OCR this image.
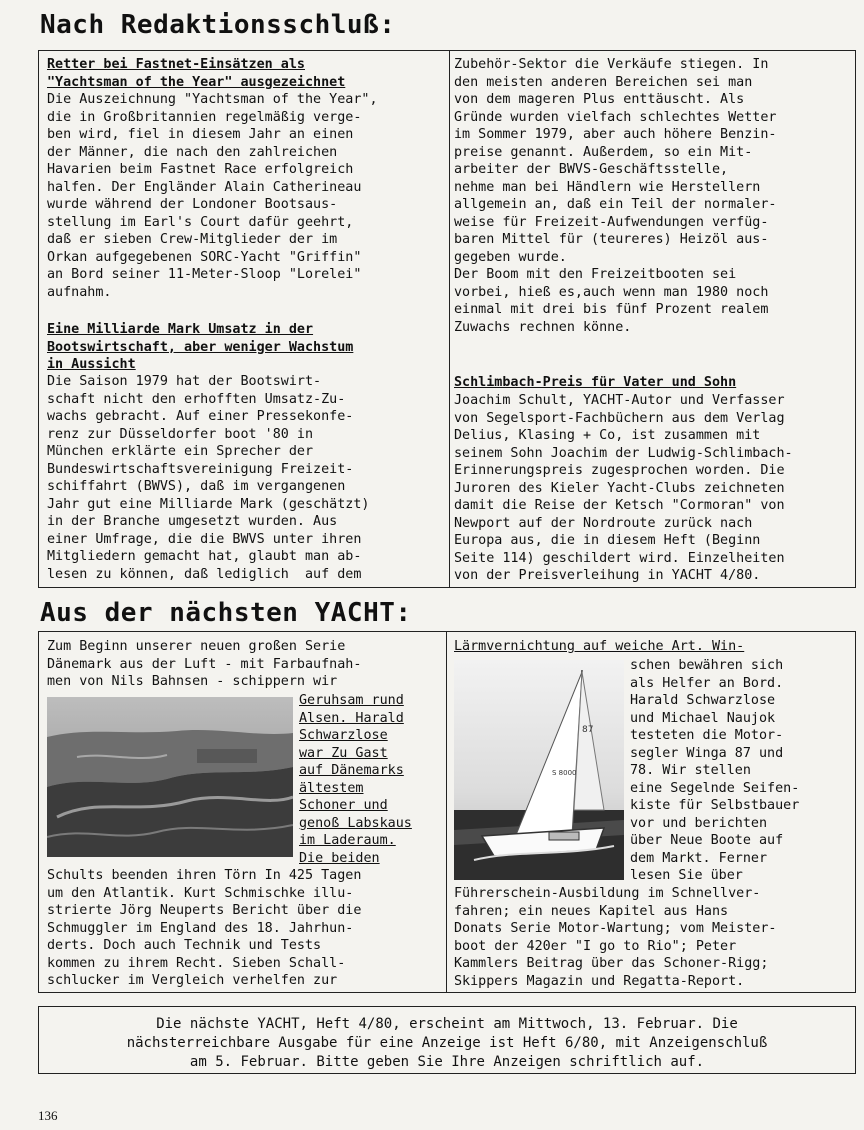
Nach Redaktionsschluß:
Retter bei Fastnet-Einsätzen als
"Yachtsman of the Year" ausgezeichnet
Die Auszeichnung "Yachtsman of the Year",
die in Großbritannien regelmäßig verge-
ben wird, fiel in diesem Jahr an einen
der Männer, die nach den zahlreichen
Havarien beim Fastnet Race erfolgreich
halfen. Der Engländer Alain Catherineau
wurde während der Londoner Bootsaus-
stellung im Earl's Court dafür geehrt,
daß er sieben Crew-Mitglieder der im
Orkan aufgegebenen SORC-Yacht "Griffin"
an Bord seiner 11-Meter-Sloop "Lorelei"
aufnahm.
Eine Milliarde Mark Umsatz in der
Bootswirtschaft, aber weniger Wachstum
in Aussicht
Die Saison 1979 hat der Bootswirt-
schaft nicht den erhofften Umsatz-Zu-
wachs gebracht. Auf einer Pressekonfe-
renz zur Düsseldorfer boot '80 in
München erklärte ein Sprecher der
Bundeswirtschaftsvereinigung Freizeit-
schiffahrt (BWVS), daß im vergangenen
Jahr gut eine Milliarde Mark (geschätzt)
in der Branche umgesetzt wurden. Aus
einer Umfrage, die die BWVS unter ihren
Mitgliedern gemacht hat, glaubt man ab-
lesen zu können, daß lediglich  auf dem
Zubehör-Sektor die Verkäufe stiegen. In
den meisten anderen Bereichen sei man
von dem mageren Plus enttäuscht. Als
Gründe wurden vielfach schlechtes Wetter
im Sommer 1979, aber auch höhere Benzin-
preise genannt. Außerdem, so ein Mit-
arbeiter der BWVS-Geschäftsstelle,
nehme man bei Händlern wie Herstellern
allgemein an, daß ein Teil der normaler-
weise für Freizeit-Aufwendungen verfüg-
baren Mittel für (teureres) Heizöl aus-
gegeben wurde.
Der Boom mit den Freizeitbooten sei
vorbei, hieß es,auch wenn man 1980 noch
einmal mit drei bis fünf Prozent realem
Zuwachs rechnen könne.
Schlimbach-Preis für Vater und Sohn
Joachim Schult, YACHT-Autor und Verfasser
von Segelsport-Fachbüchern aus dem Verlag
Delius, Klasing + Co, ist zusammen mit
seinem Sohn Joachim der Ludwig-Schlimbach-
Erinnerungspreis zugesprochen worden. Die
Juroren des Kieler Yacht-Clubs zeichneten
damit die Reise der Ketsch "Cormoran" von
Newport auf der Nordroute zurück nach
Europa aus, die in diesem Heft (Beginn
Seite 114) geschildert wird. Einzelheiten
von der Preisverleihung in YACHT 4/80.
Aus der nächsten YACHT:
Zum Beginn unserer neuen großen Serie
Dänemark aus der Luft - mit Farbaufnah-
men von Nils Bahnsen - schippern wir
Geruhsam rund
Alsen. Harald
Schwarzlose
war Zu Gast
auf Dänemarks
ältestem
Schoner und
genoß Labskaus
im Laderaum.
Die beiden
Schults beenden ihren Törn In 425 Tagen
um den Atlantik. Kurt Schmischke illu-
strierte Jörg Neuperts Bericht über die
Schmuggler im England des 18. Jahrhun-
derts. Doch auch Technik und Tests
kommen zu ihrem Recht. Sieben Schall-
schlucker im Vergleich verhelfen zur
Lärmvernichtung auf weiche Art. Win-
87
S 8000
schen bewähren sich
als Helfer an Bord.
Harald Schwarzlose
und Michael Naujok
testeten die Motor-
segler Winga 87 und
78. Wir stellen
eine Segelnde Seifen-
kiste für Selbstbauer
vor und berichten
über Neue Boote auf
dem Markt. Ferner
lesen Sie über
Führerschein-Ausbildung im Schnellver-
fahren; ein neues Kapitel aus Hans
Donats Serie Motor-Wartung; vom Meister-
boot der 420er "I go to Rio"; Peter
Kammlers Beitrag über das Schoner-Rigg;
Skippers Magazin und Regatta-Report.
Die nächste YACHT, Heft 4/80, erscheint am Mittwoch, 13. Februar. Die
nächsterreichbare Ausgabe für eine Anzeige ist Heft 6/80, mit Anzeigenschluß
am 5. Februar. Bitte geben Sie Ihre Anzeigen schriftlich auf.
136
